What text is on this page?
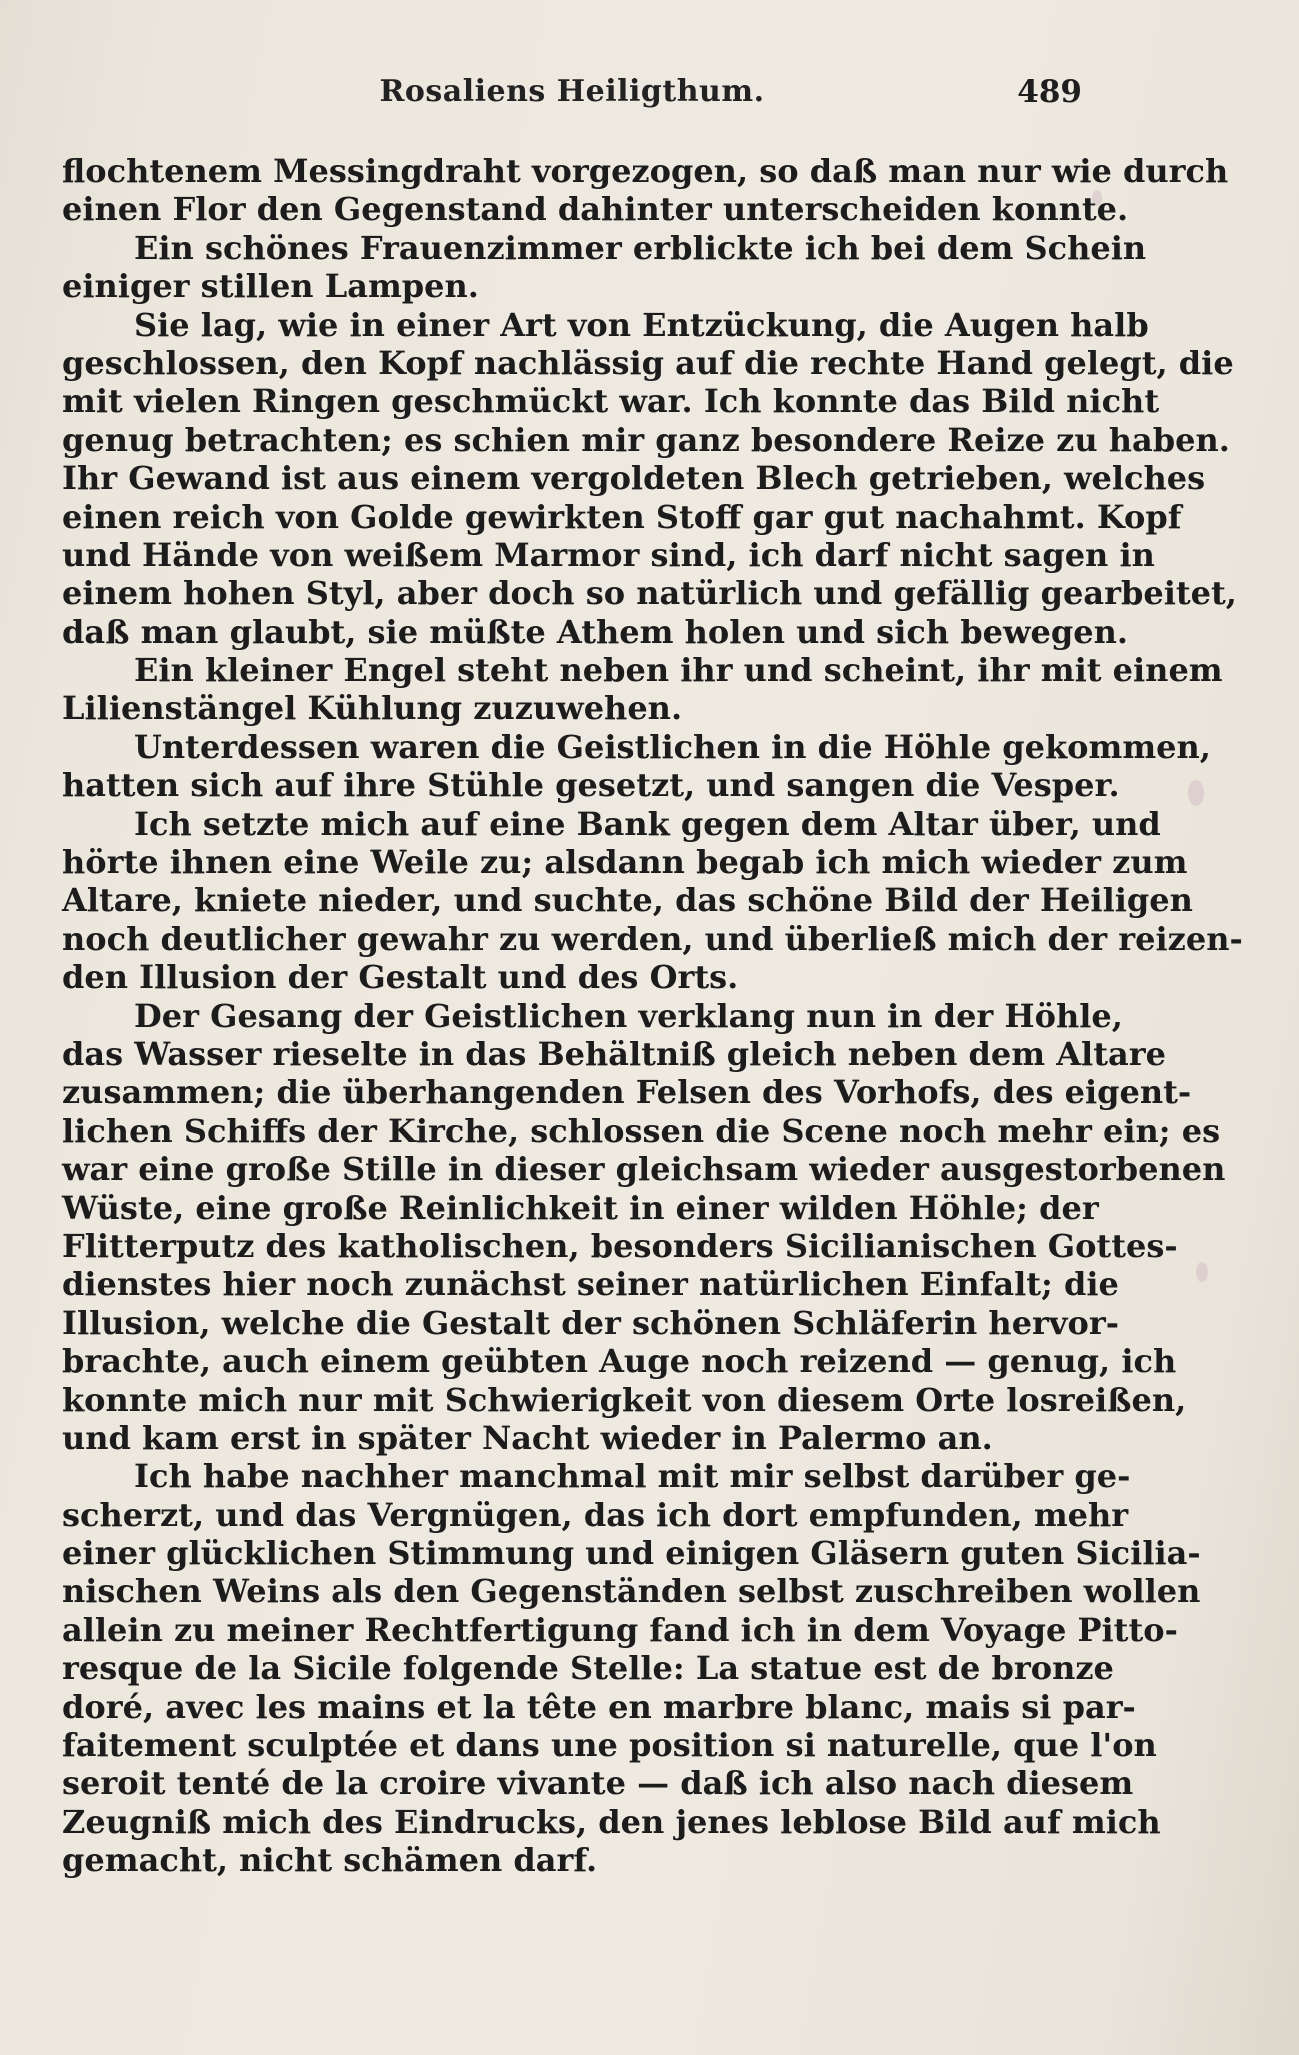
Rosaliens Heiligthum.	489
flochtenem Messingdraht vorgezogen, so daß man nur wie durch
einen Flor den Gegenstand dahinter unterscheiden konnte.
Ein schönes Frauenzimmer erblickte ich bei dem Schein
einiger stillen Lampen.
Sie lag, wie in einer Art von Entzückung, die Augen halb
geschlossen, den Kopf nachlässig auf die rechte Hand gelegt, die
mit vielen Ringen geschmückt war. Ich konnte das Bild nicht
genug betrachten; es schien mir ganz besondere Reize zu haben.
Ihr Gewand ist aus einem vergoldeten Blech getrieben, welches
einen reich von Golde gewirkten Stoff gar gut nachahmt. Kopf
und Hände von weißem Marmor sind, ich darf nicht sagen in
einem hohen Styl, aber doch so natürlich und gefällig gearbeitet,
daß man glaubt, sie müßte Athem holen und sich bewegen.
Ein kleiner Engel steht neben ihr und scheint, ihr mit einem
Lilienstängel Kühlung zuzuwehen.
Unterdessen waren die Geistlichen in die Höhle gekommen,
hatten sich auf ihre Stühle gesetzt, und sangen die Vesper.
Ich setzte mich auf eine Bank gegen dem Altar über, und
hörte ihnen eine Weile zu; alsdann begab ich mich wieder zum
Altare, kniete nieder, und suchte, das schöne Bild der Heiligen
noch deutlicher gewahr zu werden, und überließ mich der reizen-
den Illusion der Gestalt und des Orts.
Der Gesang der Geistlichen verklang nun in der Höhle,
das Wasser rieselte in das Behältniß gleich neben dem Altare
zusammen; die überhangenden Felsen des Vorhofs, des eigent-
lichen Schiffs der Kirche, schlossen die Scene noch mehr ein; es
war eine große Stille in dieser gleichsam wieder ausgestorbenen
Wüste, eine große Reinlichkeit in einer wilden Höhle; der
Flitterputz des katholischen, besonders Sicilianischen Gottes-
dienstes hier noch zunächst seiner natürlichen Einfalt; die
Illusion, welche die Gestalt der schönen Schläferin hervor-
brachte, auch einem geübten Auge noch reizend — genug, ich
konnte mich nur mit Schwierigkeit von diesem Orte losreißen,
und kam erst in später Nacht wieder in Palermo an.
Ich habe nachher manchmal mit mir selbst darüber ge-
scherzt, und das Vergnügen, das ich dort empfunden, mehr
einer glücklichen Stimmung und einigen Gläsern guten Sicilia-
nischen Weins als den Gegenständen selbst zuschreiben wollen
allein zu meiner Rechtfertigung fand ich in dem Voyage Pitto-
resque de la Sicile folgende Stelle: La statue est de bronze
doré, avec les mains et la tête en marbre blanc, mais si par-
faitement sculptée et dans une position si naturelle, que l'on
seroit tenté de la croire vivante — daß ich also nach diesem
Zeugniß mich des Eindrucks, den jenes leblose Bild auf mich
gemacht, nicht schämen darf.
